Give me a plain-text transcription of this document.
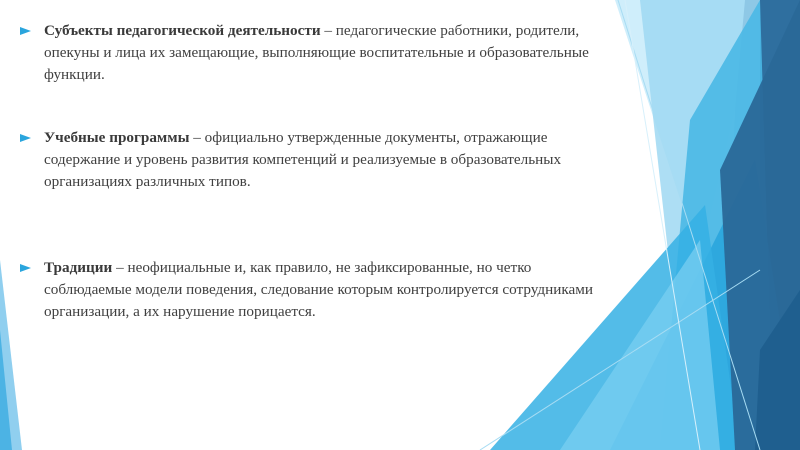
Субъекты педагогической деятельности – педагогические работники, родители, опекуны и лица их замещающие, выполняющие воспитательные и образовательные функции.
Учебные программы – официально утвержденные документы, отражающие содержание и уровень развития компетенций и реализуемые в образовательных организациях различных типов.
Традиции – неофициальные и, как правило, не зафиксированные, но четко соблюдаемые модели поведения, следование которым контролируется сотрудниками организации, а их нарушение порицается.
